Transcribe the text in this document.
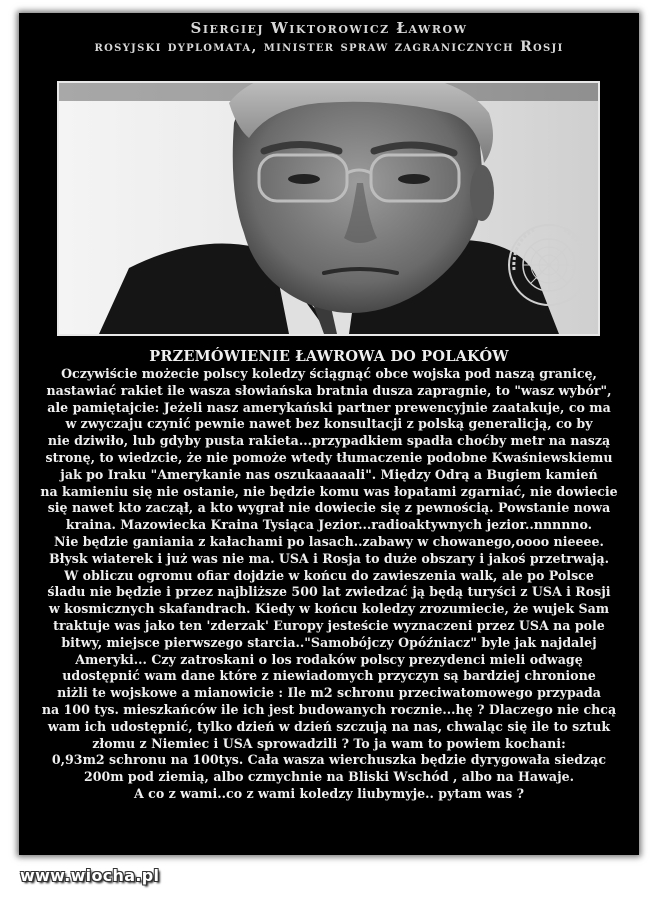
Siergiej Wiktorowicz Ławrow
rosyjski dyplomata, minister spraw zagranicznych Rosji
PRZEMÓWIENIE ŁAWROWA DO POLAKÓW
Oczywiście możecie polscy koledzy ściągnąć obce wojska pod naszą granicę,
nastawiać rakiet ile wasza słowiańska bratnia dusza zapragnie, to "wasz wybór",
ale pamiętajcie: Jeżeli nasz amerykański partner prewencyjnie zaatakuje, co ma
w zwyczaju czynić pewnie nawet bez konsultacji z polską generalicją, co by
nie dziwiło, lub gdyby pusta rakieta...przypadkiem spadła choćby metr na naszą
stronę, to wiedzcie, że nie pomoże wtedy tłumaczenie podobne Kwaśniewskiemu
jak po Iraku "Amerykanie nas oszukaaaaali". Między Odrą a Bugiem kamień
na kamieniu się nie ostanie, nie będzie komu was łopatami zgarniać, nie dowiecie
się nawet kto zaczął, a kto wygrał nie dowiecie się z pewnością. Powstanie nowa
kraina. Mazowiecka Kraina Tysiąca Jezior...radioaktywnych jezior..nnnnno.
Nie będzie ganiania z kałachami po lasach..zabawy w chowanego,oooo nieeee.
Błysk wiaterek i już was nie ma. USA i Rosja to duże obszary i jakoś przetrwają.
W obliczu ogromu ofiar dojdzie w końcu do zawieszenia walk, ale po Polsce
śladu nie będzie i przez najbliższe 500 lat zwiedzać ją będą turyści z USA i Rosji
w kosmicznych skafandrach. Kiedy w końcu koledzy zrozumiecie, że wujek Sam
traktuje was jako ten 'zderzak' Europy jesteście wyznaczeni przez USA na pole
bitwy, miejsce pierwszego starcia.."Samobójczy Opóźniacz" byle jak najdalej
Ameryki... Czy zatroskani o los rodaków polscy prezydenci mieli odwagę
udostępnić wam dane które z niewiadomych przyczyn są bardziej chronione
niżli te wojskowe a mianowicie : Ile m2 schronu przeciwatomowego przypada
na 100 tys. mieszkańców ile ich jest budowanych rocznie...hę ? Dlaczego nie chcą
wam ich udostępnić, tylko dzień w dzień szczują na nas, chwaląc się ile to sztuk
złomu z Niemiec i USA sprowadzili ? To ja wam to powiem kochani:
0,93m2 schronu na 100tys. Cała wasza wierchuszka będzie dyrygowała siedząc
200m pod ziemią, albo czmychnie na Bliski Wschód , albo na Hawaje.
A co z wami..co z wami koledzy liubymyje.. pytam was ?
www.wiocha.pl
